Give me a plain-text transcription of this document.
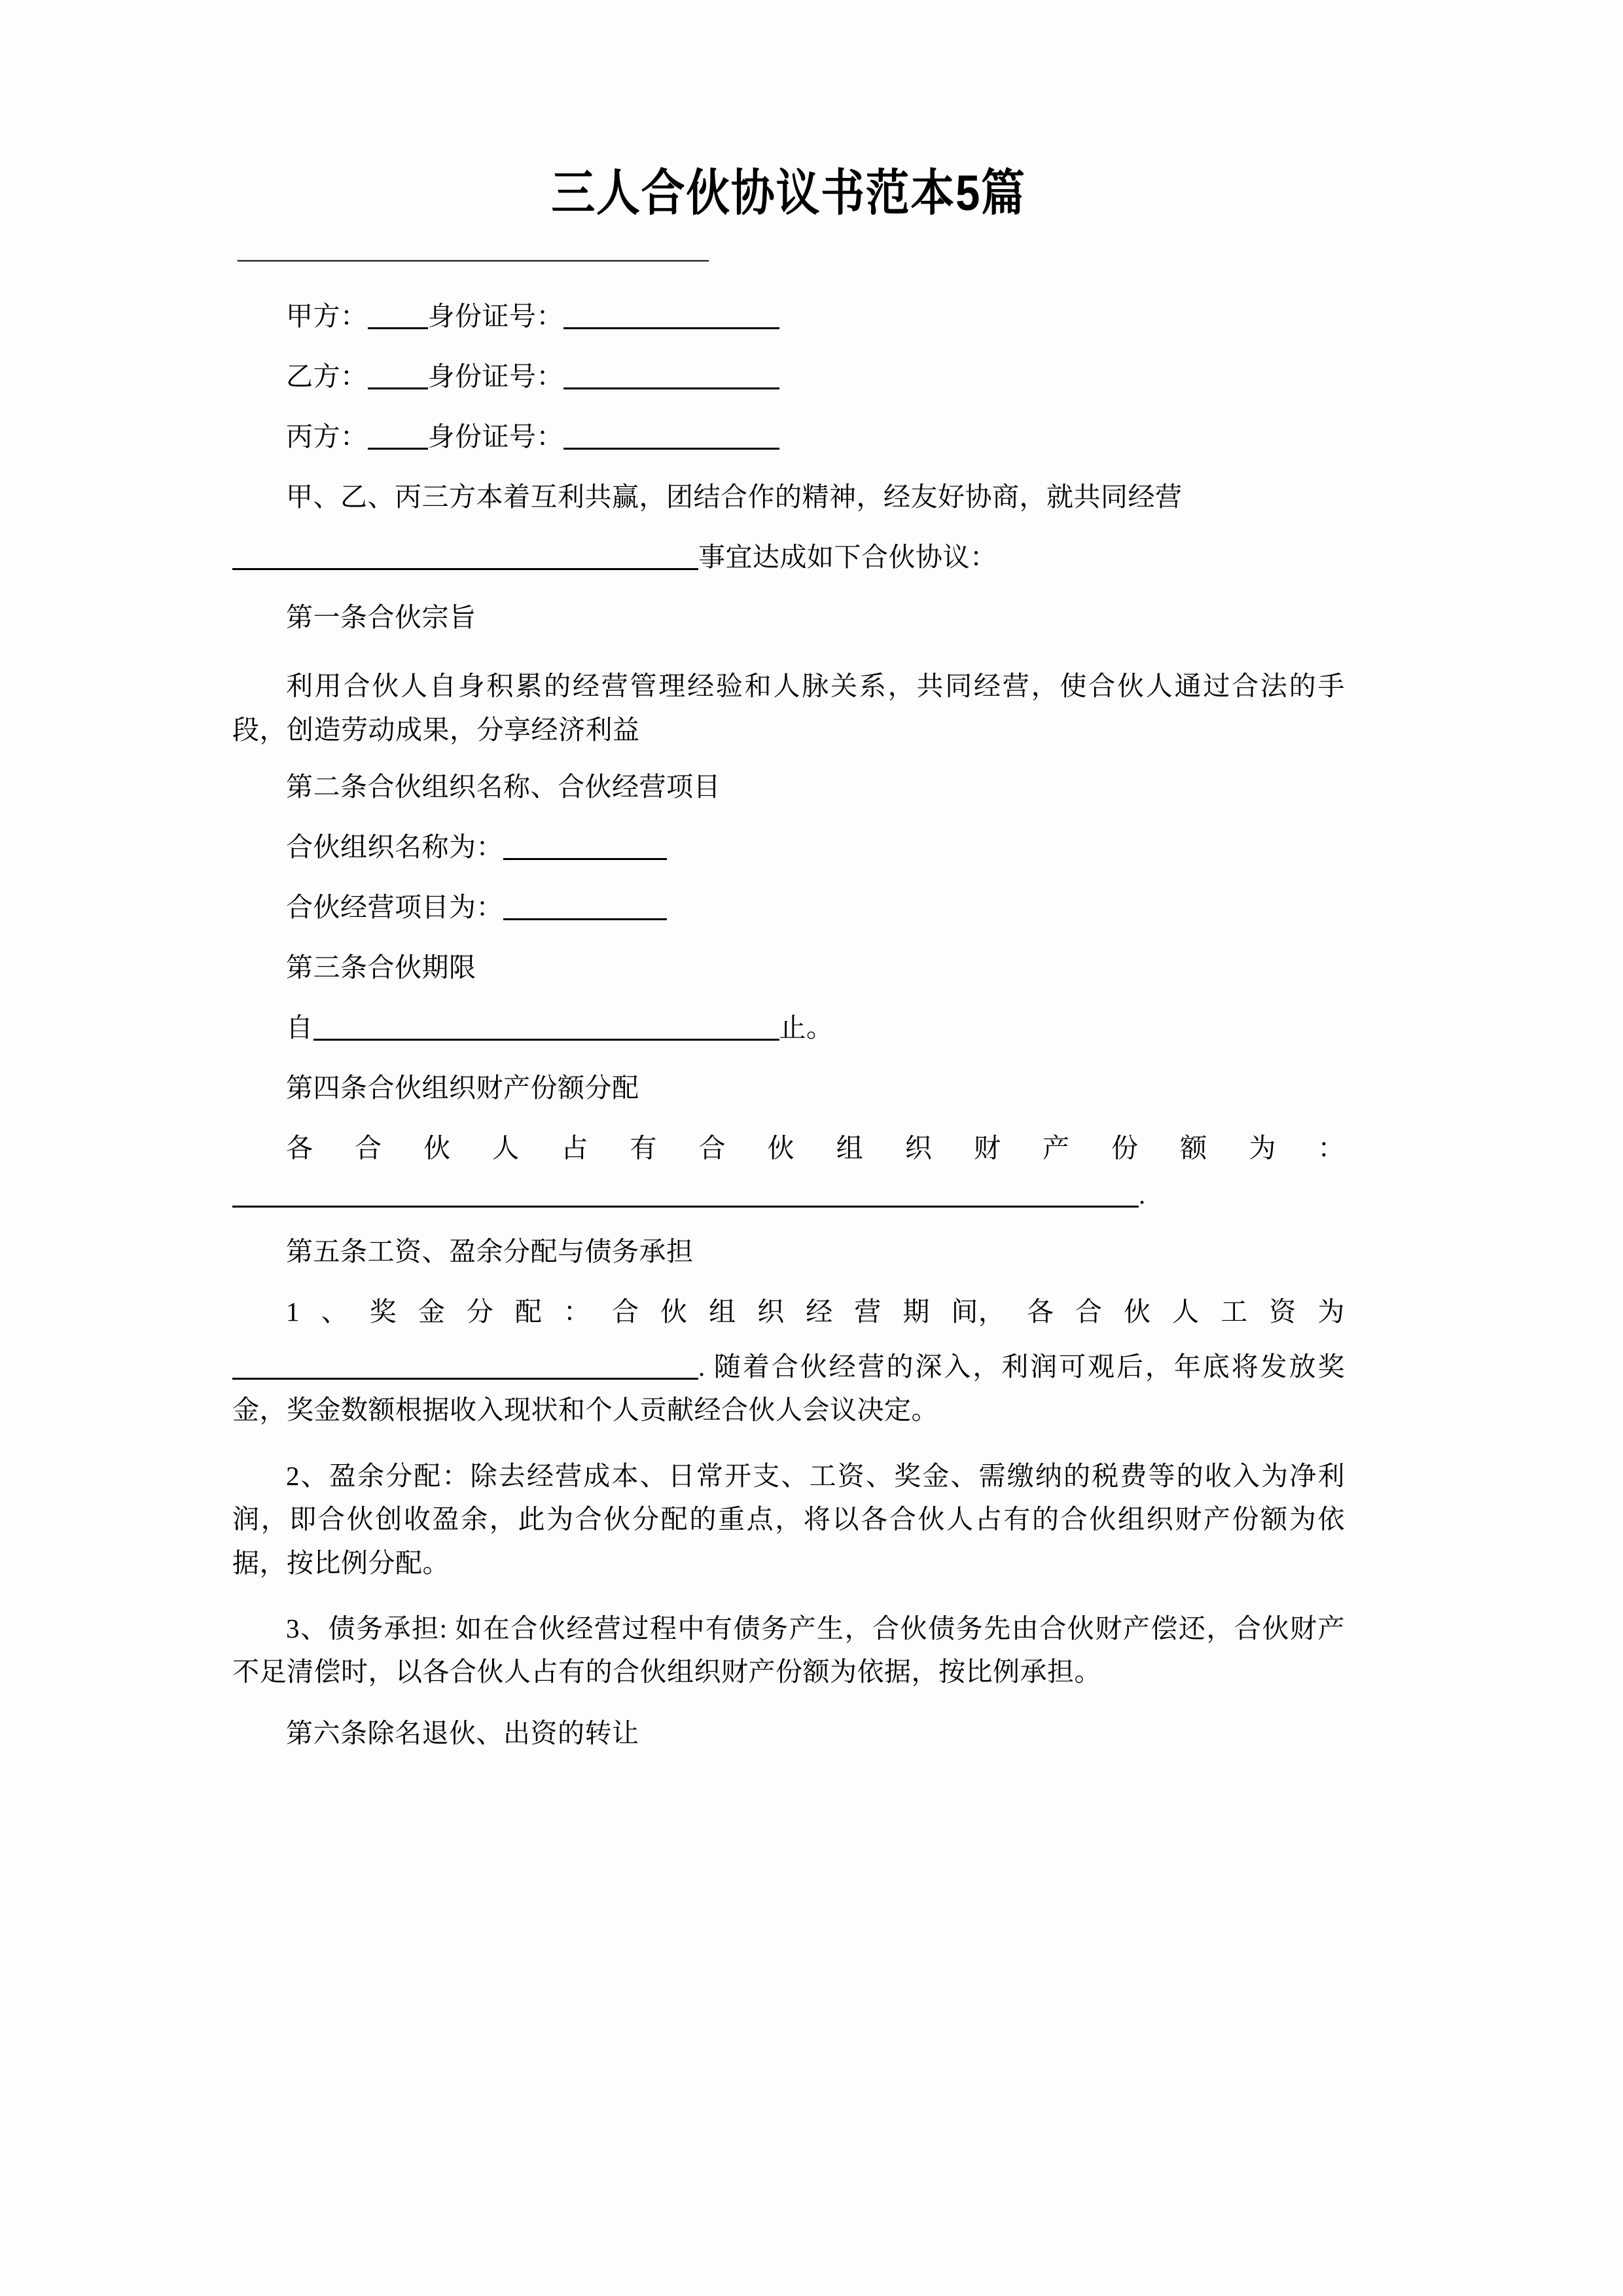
三人合伙协议书范本5篇
——————————————————
甲方： 身份证号：
乙方： 身份证号：
丙方： 身份证号：
甲、乙、丙三方本着互利共赢，团结合作的精神，经友好协商，就共同经营
事宜达成如下合伙协议：
第一条合伙宗旨
利用合伙人自身积累的经营管理经验和人脉关系，共同经营，使合伙人通过合法的手段，创造劳动成果，分享经济利益
第二条合伙组织名称、合伙经营项目
合伙组织名称为：
合伙经营项目为：
第三条合伙期限
自	止。
第四条合伙组织财产份额分配
各 合 伙 人 占 有 合 伙 组 织 财 产 份 额 为 ：
.
第五条工资、盈余分配与债务承担
1 、 奖 金 分 配 ： 合 伙 组 织 经 营 期 间， 各 合 伙 人 工 资 为
. 随着合伙经营的深入，利润可观后，年底将发放奖金，奖金数额根据收入现状和个人贡献经合伙人会议决定。
2、盈余分配：除去经营成本、日常开支、工资、奖金、需缴纳的税费等的收入为净利润，即合伙创收盈余，此为合伙分配的重点，将以各合伙人占有的合伙组织财产份额为依据，按比例分配。
3、债务承担: 如在合伙经营过程中有债务产生，合伙债务先由合伙财产偿还，合伙财产不足清偿时，以各合伙人占有的合伙组织财产份额为依据，按比例承担。
第六条除名退伙、出资的转让
